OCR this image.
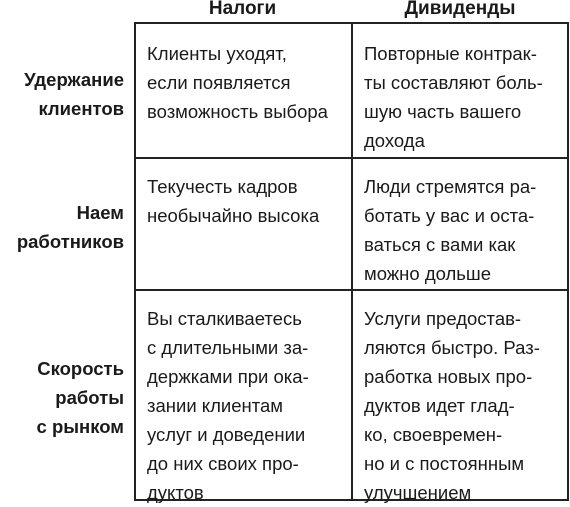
Налоги	Дивиденды
Удержание
клиентов
Наем
работников
Скорость
работы
с рынком
Клиенты уходят,
если появляется
возможность выбора
Повторные контрак-
ты составляют боль-
шую часть вашего
дохода
Текучесть кадров
необычайно высока
Люди стремятся ра-
ботать у вас и оста-
ваться с вами как
можно дольше
Вы сталкиваетесь
с длительными за-
держками при ока-
зании клиентам
услуг и доведении
до них своих про-
дуктов
Услуги предостав-
ляются быстро. Раз-
работка новых про-
дуктов идет глад-
ко, своевремен-
но и с постоянным
улучшением
